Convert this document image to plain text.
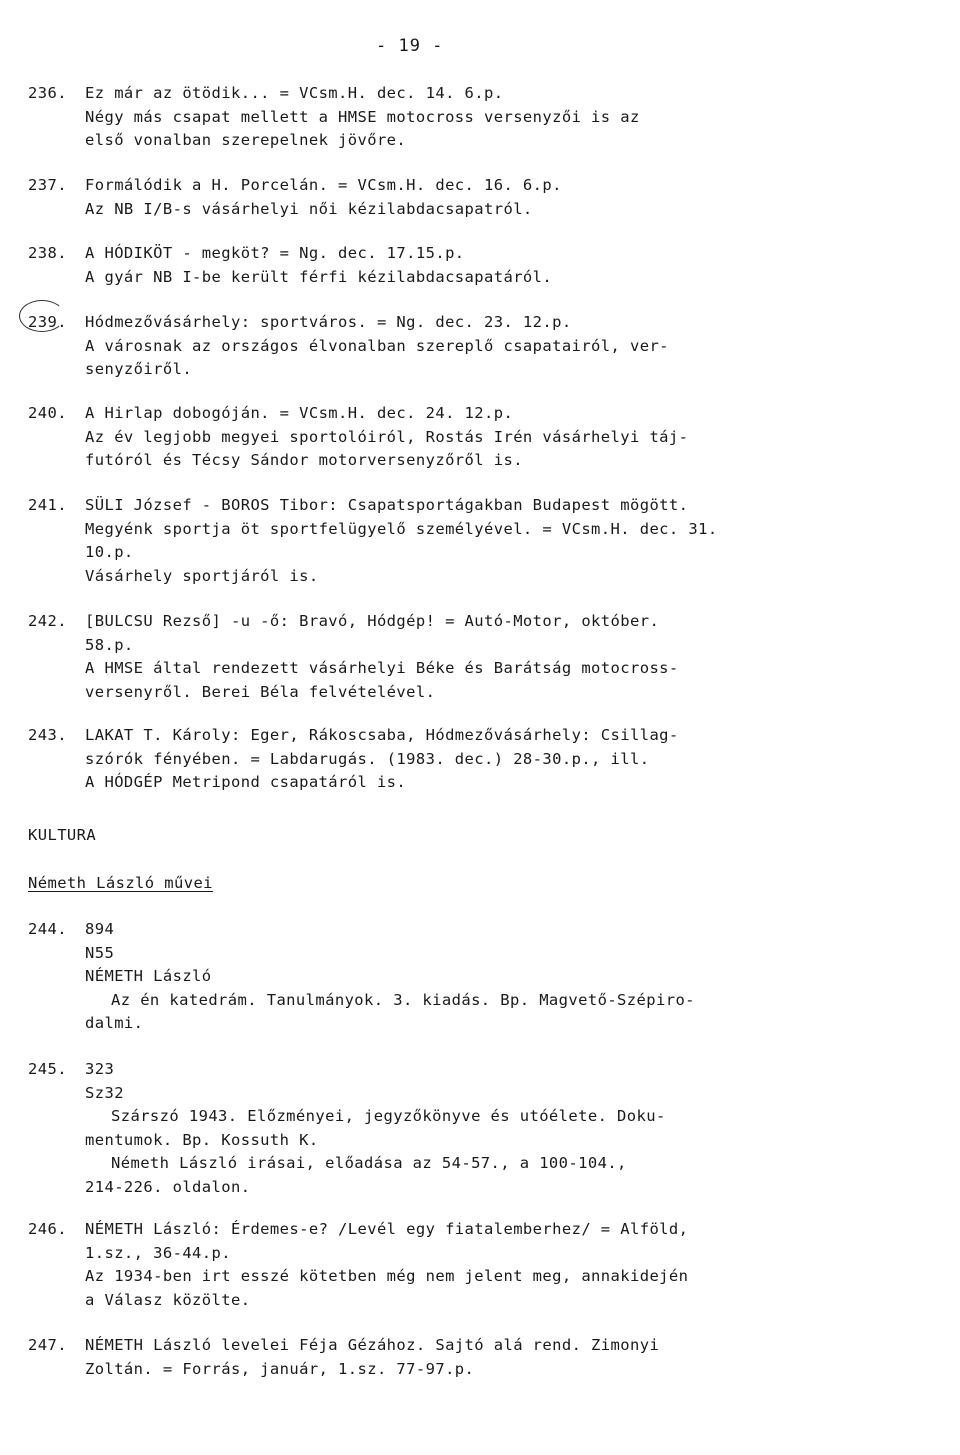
- 19 -
236. Ez már az ötödik... = VCsm.H. dec. 14. 6.p.
Négy más csapat mellett a HMSE motocross versenyzői is az
első vonalban szerepelnek jövőre.
237. Formálódik a H. Porcelán. = VCsm.H. dec. 16. 6.p.
Az NB I/B-s vásárhelyi női kézilabdacsapatról.
238. A HÓDIKÖT - megköt? = Ng. dec. 17.15.p.
A gyár NB I-be került férfi kézilabdacsapatáról.
239. Hódmezővásárhely: sportváros. = Ng. dec. 23. 12.p.
A városnak az országos élvonalban szereplő csapatairól, ver-
senyzőiről.
240. A Hirlap dobogóján. = VCsm.H. dec. 24. 12.p.
Az év legjobb megyei sportolóiról, Rostás Irén vásárhelyi táj-
futóról és Técsy Sándor motorversenyzőről is.
241. SÜLI József - BOROS Tibor: Csapatsportágakban Budapest mögött.
Megyénk sportja öt sportfelügyelő személyével. = VCsm.H. dec. 31.
10.p.
Vásárhely sportjáról is.
242. [BULCSU Rezső] -u -ő: Bravó, Hódgép! = Autó-Motor, október.
58.p.
A HMSE által rendezett vásárhelyi Béke és Barátság motocross-
versenyről. Berei Béla felvételével.
243. LAKAT T. Károly: Eger, Rákoscsaba, Hódmezővásárhely: Csillag-
szórók fényében. = Labdarugás. (1983. dec.) 28-30.p., ill.
A HÓDGÉP Metripond csapatáról is.
KULTURA
Németh László művei
244. 894
N55
NÉMETH László
Az én katedrám. Tanulmányok. 3. kiadás. Bp. Magvető-Szépiro-
dalmi.
245. 323
Sz32
Szárszó 1943. Előzményei, jegyzőkönyve és utóélete. Doku-
mentumok. Bp. Kossuth K.
Németh László irásai, előadása az 54-57., a 100-104.,
214-226. oldalon.
246. NÉMETH László: Érdemes-e? /Levél egy fiatalemberhez/ = Alföld,
1.sz., 36-44.p.
Az 1934-ben irt esszé kötetben még nem jelent meg, annakidején
a Válasz közölte.
247. NÉMETH László levelei Féja Gézához. Sajtó alá rend. Zimonyi
Zoltán. = Forrás, január, 1.sz. 77-97.p.
